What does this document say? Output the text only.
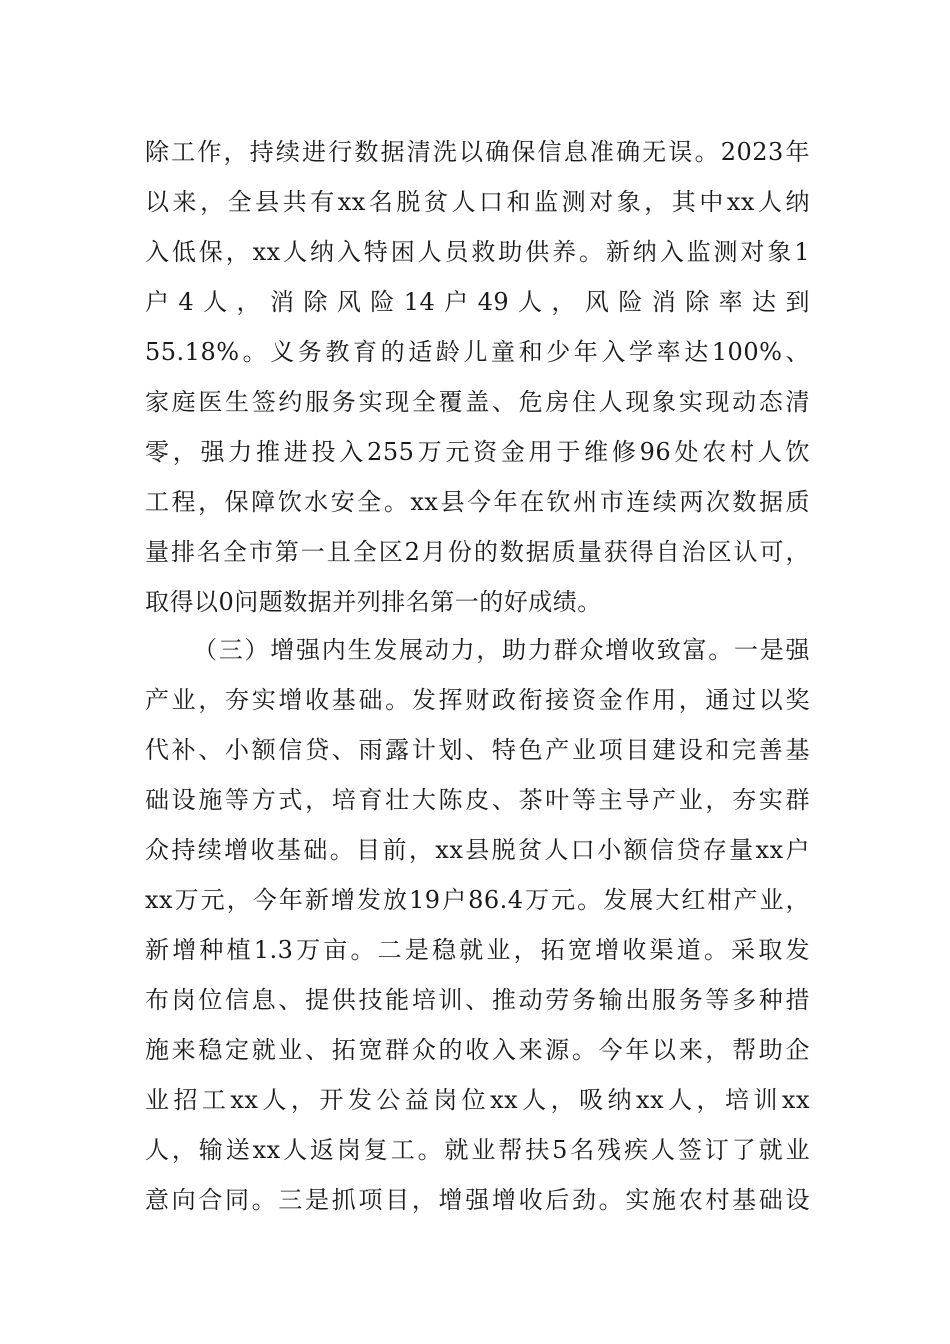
除工作，持续进行数据清洗以确保信息准确无误。2023年
以来，全县共有xx名脱贫人口和监测对象，其中xx人纳
入低保，xx人纳入特困人员救助供养。新纳入监测对象1
户4人，消除风险14户49人，风险消除率达到
55.18%。义务教育的适龄儿童和少年入学率达100%、
家庭医生签约服务实现全覆盖、危房住人现象实现动态清
零，强力推进投入255万元资金用于维修96处农村人饮
工程，保障饮水安全。xx县今年在钦州市连续两次数据质
量排名全市第一且全区2月份的数据质量获得自治区认可，
取得以0问题数据并列排名第一的好成绩。
（三）增强内生发展动力，助力群众增收致富。一是强
产业，夯实增收基础。发挥财政衔接资金作用，通过以奖
代补、小额信贷、雨露计划、特色产业项目建设和完善基
础设施等方式，培育壮大陈皮、茶叶等主导产业，夯实群
众持续增收基础。目前，xx县脱贫人口小额信贷存量xx户
xx万元，今年新增发放19户86.4万元。发展大红柑产业，
新增种植1.3万亩。二是稳就业，拓宽增收渠道。采取发
布岗位信息、提供技能培训、推动劳务输出服务等多种措
施来稳定就业、拓宽群众的收入来源。今年以来，帮助企
业招工xx人，开发公益岗位xx人，吸纳xx人，培训xx
人，输送xx人返岗复工。就业帮扶5名残疾人签订了就业
意向合同。三是抓项目，增强增收后劲。实施农村基础设
